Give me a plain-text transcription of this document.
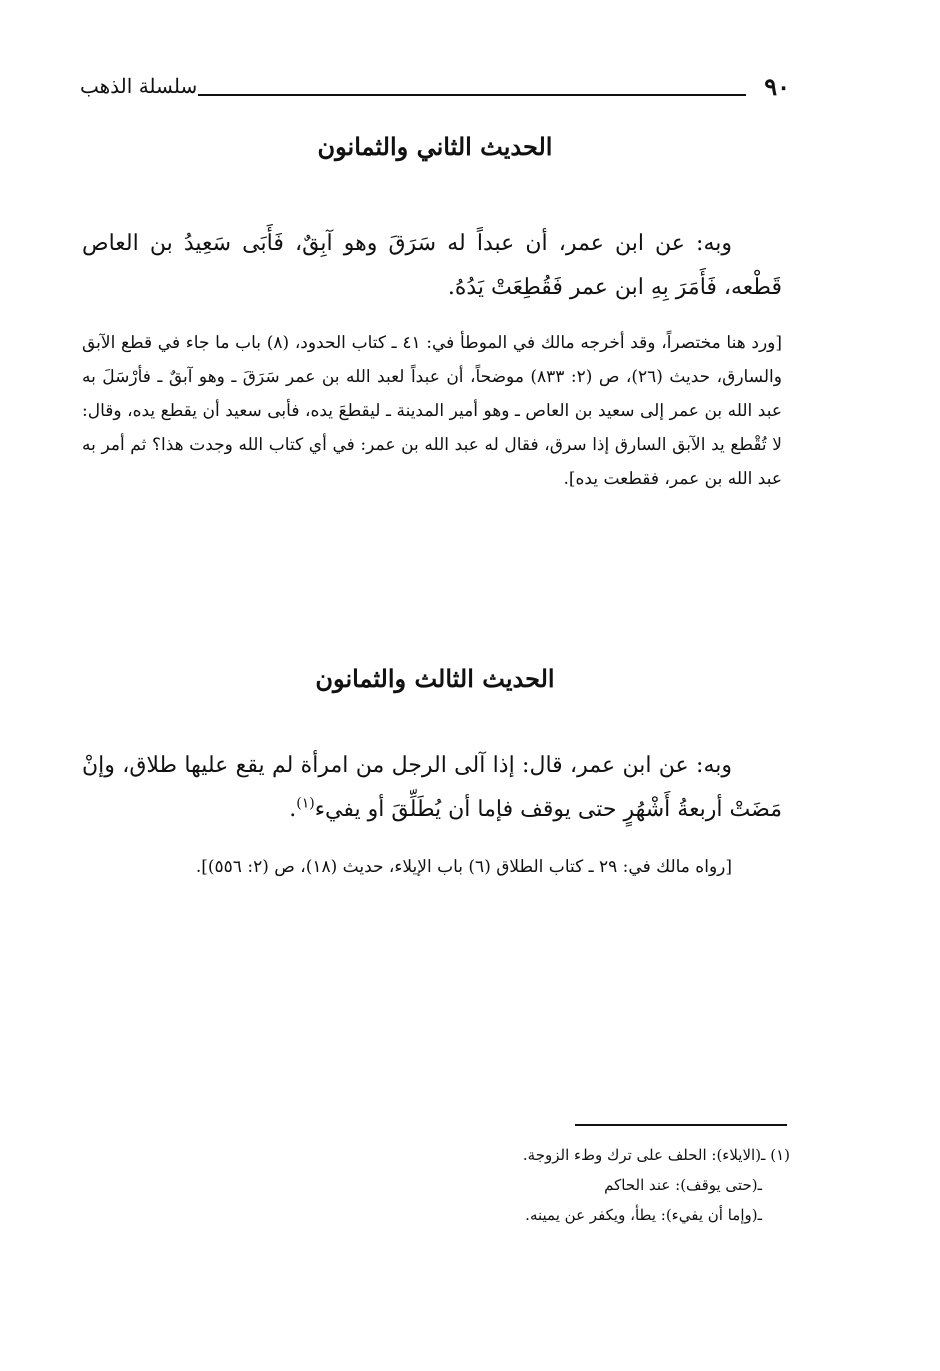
٩٠
سلسلة الذهب
الحديث الثاني والثمانون
وبه: عن ابن عمر، أن عبداً له سَرَقَ وهو آبِقٌ، فَأَبَى سَعِيدُ بن العاص قَطْعه، فَأَمَرَ بِهِ ابن عمر فَقُطِعَتْ يَدُهُ.
[ورد هنا مختصراً، وقد أخرجه مالك في الموطأ في: ٤١ ـ كتاب الحدود، (٨) باب ما جاء في قطع الآبق والسارق، حديث (٢٦)، ص (٢: ٨٣٣) موضحاً، أن عبداً لعبد الله بن عمر سَرَقَ ـ وهو آبقٌ ـ فأرْسَلَ به عبد الله بن عمر إلى سعيد بن العاص ـ وهو أمير المدينة ـ ليقطعَ يده، فأبى سعيد أن يقطع يده، وقال: لا تُقْطع يد الآبق السارق إذا سرق، فقال له عبد الله بن عمر: في أي كتاب الله وجدت هذا؟ ثم أمر به عبد الله بن عمر، فقطعت يده].
الحديث الثالث والثمانون
وبه: عن ابن عمر، قال: إذا آلى الرجل من امرأة لم يقع عليها طلاق، وإنْ مَضَتْ أربعةُ أَشْهُرٍ حتى يوقف فإما أن يُطَلِّقَ أو يفيء$^{(١)}$.
[رواه مالك في: ٢٩ ـ كتاب الطلاق (٦) باب الإيلاء، حديث (١٨)، ص (٢: ٥٥٦)].
(١) ـ(الايلاء): الحلف على ترك وطء الزوجة.
ـ(حتى يوقف): عند الحاكم
ـ(وإما أن يفيء): يطأ، ويكفر عن يمينه.
